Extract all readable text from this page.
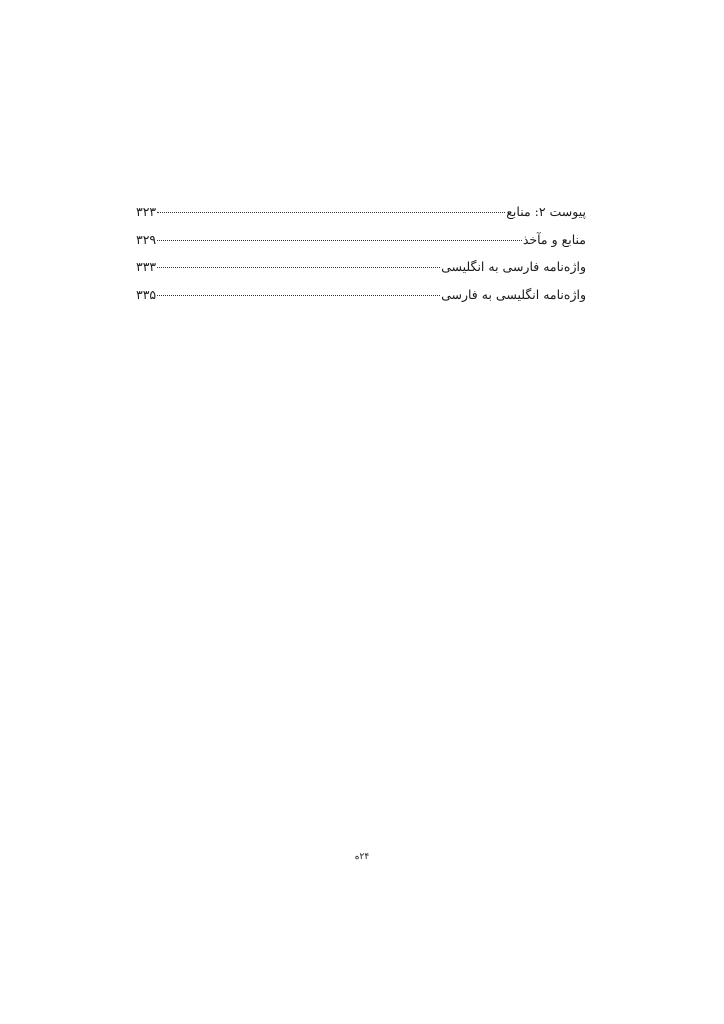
پیوست ۲: منابع
۳۲۳
منابع و مآخذ
۳۲۹
واژه‌نامه فارسی به انگلیسی
۳۳۳
واژه‌نامه انگلیسی به فارسی
۳۳۵
۲۴ه
